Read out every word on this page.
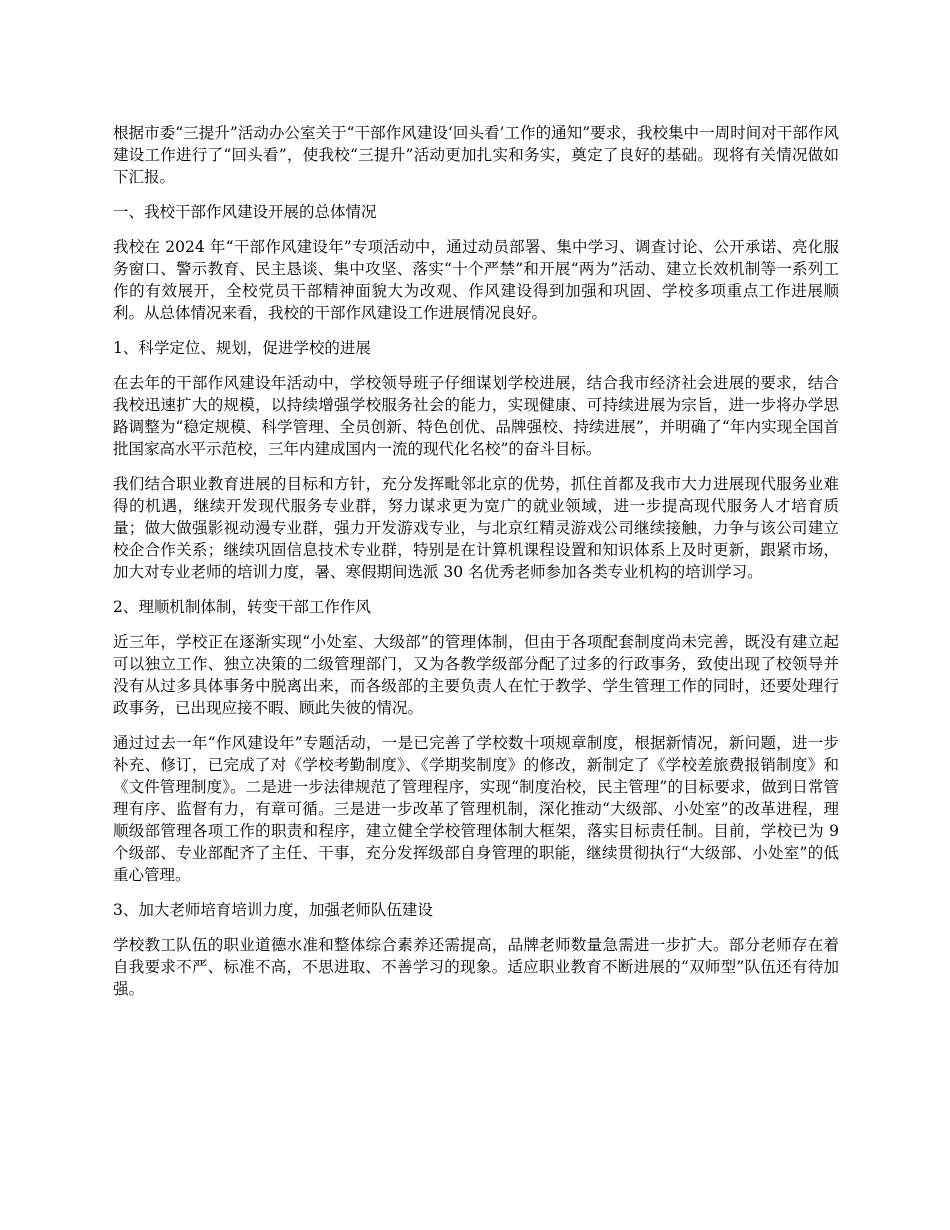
根据市委“三提升”活动办公室关于“干部作风建设‘回头看’工作的通知”要求，我校集中一周时间对干部作风建设工作进行了“回头看”，使我校“三提升”活动更加扎实和务实，奠定了良好的基础。现将有关情况做如下汇报。

一、我校干部作风建设开展的总体情况

我校在 2024 年“干部作风建设年”专项活动中，通过动员部署、集中学习、调查讨论、公开承诺、亮化服务窗口、警示教育、民主恳谈、集中攻坚、落实“十个严禁”和开展“两为”活动、建立长效机制等一系列工作的有效展开，全校党员干部精神面貌大为改观、作风建设得到加强和巩固、学校多项重点工作进展顺利。从总体情况来看，我校的干部作风建设工作进展情况良好。

1、科学定位、规划，促进学校的进展

在去年的干部作风建设年活动中，学校领导班子仔细谋划学校进展，结合我市经济社会进展的要求，结合我校迅速扩大的规模，以持续增强学校服务社会的能力，实现健康、可持续进展为宗旨，进一步将办学思路调整为“稳定规模、科学管理、全员创新、特色创优、品牌强校、持续进展”，并明确了“年内实现全国首批国家高水平示范校，三年内建成国内一流的现代化名校”的奋斗目标。

我们结合职业教育进展的目标和方针，充分发挥毗邻北京的优势，抓住首都及我市大力进展现代服务业难得的机遇，继续开发现代服务专业群，努力谋求更为宽广的就业领域，进一步提高现代服务人才培育质量；做大做强影视动漫专业群，强力开发游戏专业，与北京红精灵游戏公司继续接触，力争与该公司建立校企合作关系；继续巩固信息技术专业群，特别是在计算机课程设置和知识体系上及时更新，跟紧市场，加大对专业老师的培训力度，暑、寒假期间选派 30 名优秀老师参加各类专业机构的培训学习。

2、理顺机制体制，转变干部工作作风

近三年，学校正在逐渐实现“小处室、大级部”的管理体制，但由于各项配套制度尚未完善，既没有建立起可以独立工作、独立决策的二级管理部门，又为各教学级部分配了过多的行政事务，致使出现了校领导并没有从过多具体事务中脱离出来，而各级部的主要负责人在忙于教学、学生管理工作的同时，还要处理行政事务，已出现应接不暇、顾此失彼的情况。

通过过去一年“作风建设年”专题活动，一是已完善了学校数十项规章制度，根据新情况，新问题，进一步补充、修订，已完成了对《学校考勤制度》、《学期奖制度》的修改，新制定了《学校差旅费报销制度》和《文件管理制度》。二是进一步法律规范了管理程序，实现“制度治校，民主管理”的目标要求，做到日常管理有序、监督有力，有章可循。三是进一步改革了管理机制，深化推动“大级部、小处室”的改革进程，理顺级部管理各项工作的职责和程序，建立健全学校管理体制大框架，落实目标责任制。目前，学校已为 9 个级部、专业部配齐了主任、干事，充分发挥级部自身管理的职能，继续贯彻执行“大级部、小处室”的低重心管理。

3、加大老师培育培训力度，加强老师队伍建设

学校教工队伍的职业道德水准和整体综合素养还需提高，品牌老师数量急需进一步扩大。部分老师存在着自我要求不严、标准不高，不思进取、不善学习的现象。适应职业教育不断进展的“双师型”队伍还有待加强。
